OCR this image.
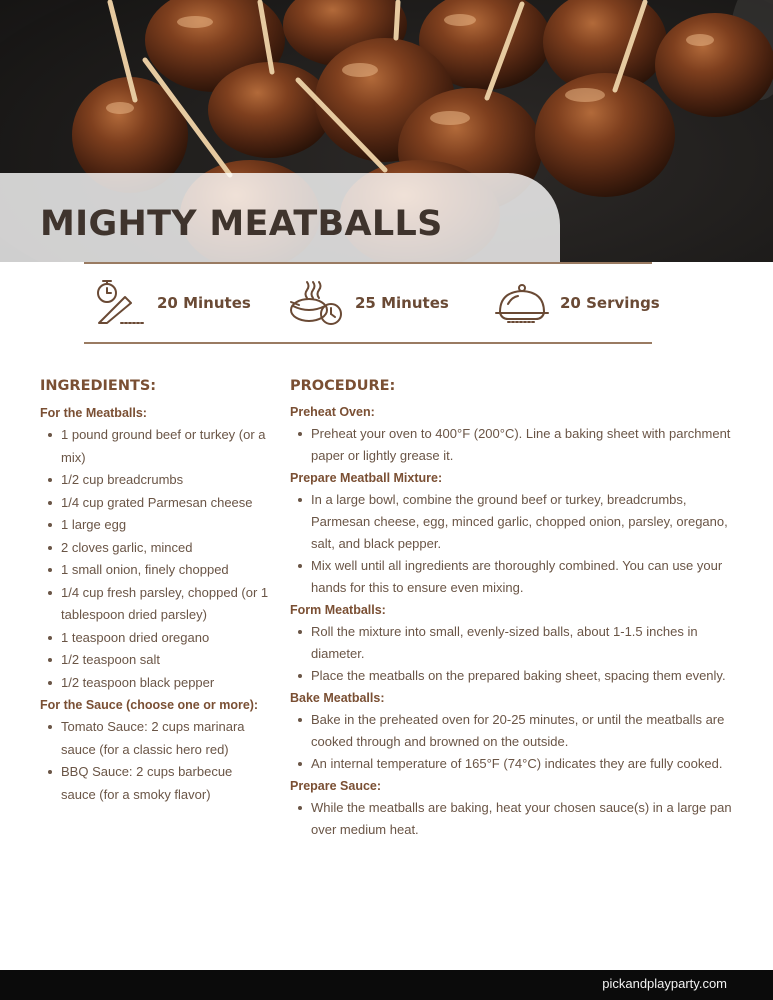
MIGHTY MEATBALLS
20 Minutes	25 Minutes	20 Servings
INGREDIENTS:
For the Meatballs:
1 pound ground beef or turkey (or a mix)
1/2 cup breadcrumbs
1/4 cup grated Parmesan cheese
1 large egg
2 cloves garlic, minced
1 small onion, finely chopped
1/4 cup fresh parsley, chopped (or 1 tablespoon dried parsley)
1 teaspoon dried oregano
1/2 teaspoon salt
1/2 teaspoon black pepper
For the Sauce (choose one or more):
Tomato Sauce: 2 cups marinara sauce (for a classic hero red)
BBQ Sauce: 2 cups barbecue sauce (for a smoky flavor)
PROCEDURE:
Preheat Oven:
Preheat your oven to 400°F (200°C). Line a baking sheet with parchment paper or lightly grease it.
Prepare Meatball Mixture:
In a large bowl, combine the ground beef or turkey, breadcrumbs, Parmesan cheese, egg, minced garlic, chopped onion, parsley, oregano, salt, and black pepper.
Mix well until all ingredients are thoroughly combined. You can use your hands for this to ensure even mixing.
Form Meatballs:
Roll the mixture into small, evenly-sized balls, about 1-1.5 inches in diameter.
Place the meatballs on the prepared baking sheet, spacing them evenly.
Bake Meatballs:
Bake in the preheated oven for 20-25 minutes, or until the meatballs are cooked through and browned on the outside.
An internal temperature of 165°F (74°C) indicates they are fully cooked.
Prepare Sauce:
While the meatballs are baking, heat your chosen sauce(s) in a large pan over medium heat.
pickandplayparty.com
